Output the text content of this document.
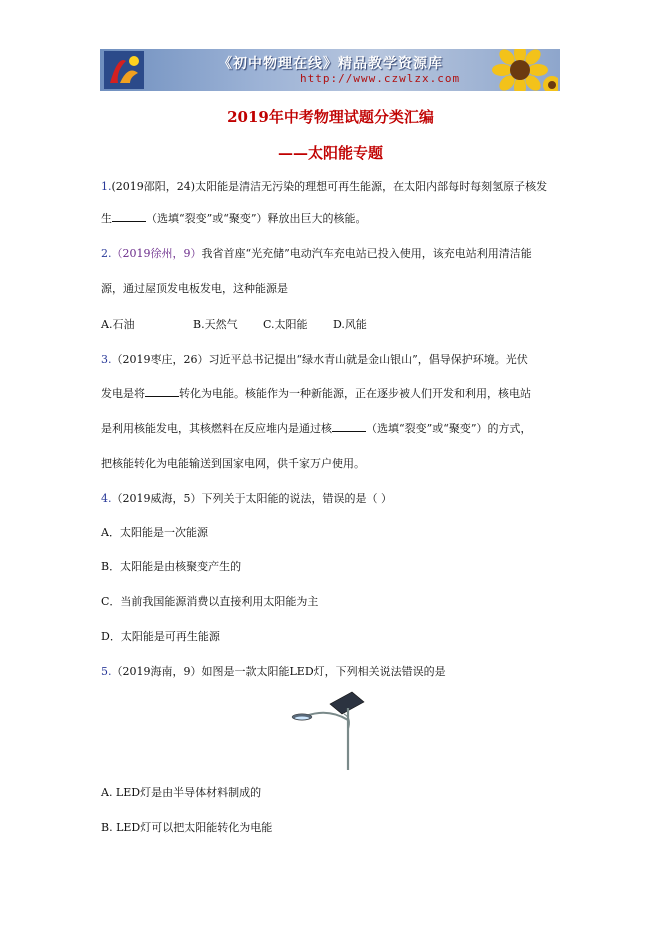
《初中物理在线》精品教学资源库
http://www.czwlzx.com
2019年中考物理试题分类汇编
——太阳能专题
1.(2019邵阳，24)太阳能是清洁无污染的理想可再生能源，在太阳内部每时每刻氢原子核发
生	（选填“裂变”或“聚变”）释放出巨大的核能。
2.（2019徐州，9）我省首座“光充储”电动汽车充电站已投入使用，该充电站利用清洁能
源，通过屋顶发电板发电，这种能源是
A.石油	B.天然气 C.太阳能 D.风能
3.（2019枣庄，26）习近平总书记提出“绿水青山就是金山银山”，倡导保护环境。光伏
发电是将	转化为电能。核能作为一种新能源，正在逐步被人们开发和利用，核电站
是利用核能发电，其核燃料在反应堆内是通过核	（选填“裂变”或“聚变”）的方式，
把核能转化为电能输送到国家电网，供千家万户使用。
4.（2019威海，5）下列关于太阳能的说法，错误的是（ ）
A．太阳能是一次能源
B．太阳能是由核聚变产生的
C．当前我国能源消费以直接利用太阳能为主
D．太阳能是可再生能源
5.（2019海南，9）如图是一款太阳能LED灯，下列相关说法错误的是
A. LED灯是由半导体材料制成的
B. LED灯可以把太阳能转化为电能
